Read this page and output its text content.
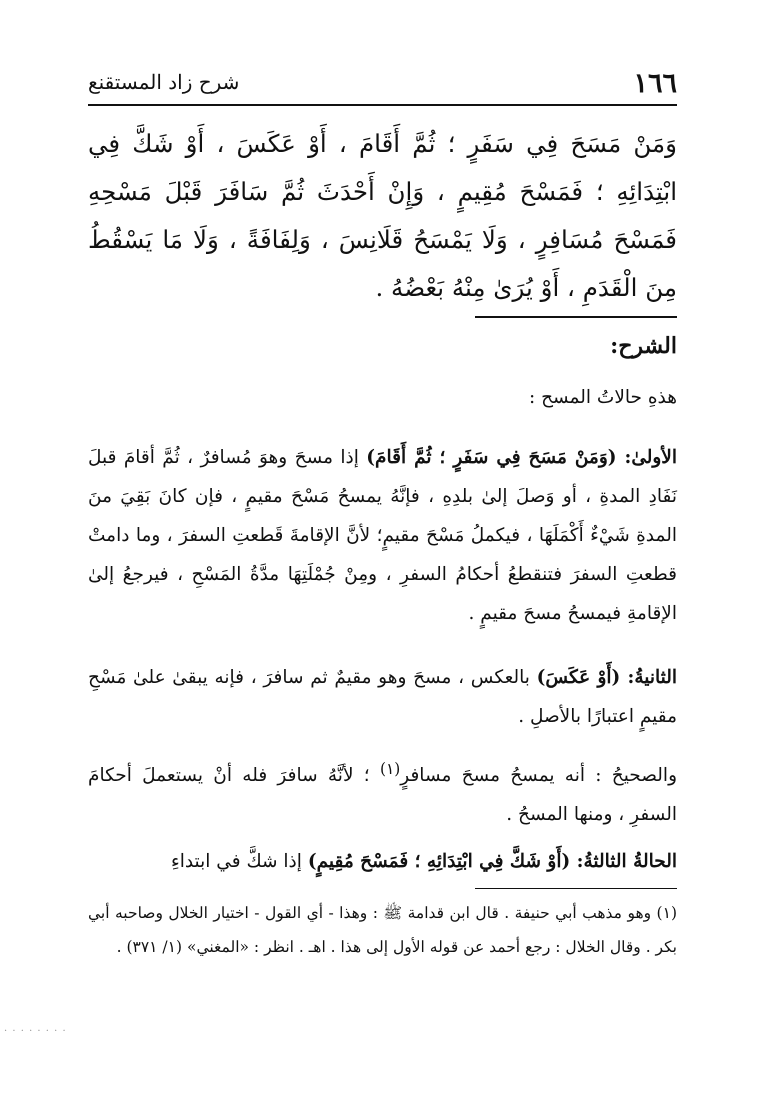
١٦٦
شرح زاد المستقنع
وَمَنْ مَسَحَ فِي سَفَرٍ ؛ ثُمَّ أَقَامَ ، أَوْ عَكَسَ ، أَوْ شَكَّ فِي ابْتِدَائِهِ ؛ فَمَسْحَ مُقِيمٍ ، وَإِنْ أَحْدَثَ ثُمَّ سَافَرَ قَبْلَ مَسْحِهِ فَمَسْحَ مُسَافِرٍ ، وَلَا يَمْسَحُ قَلَانِسَ ، وَلِفَافَةً ، وَلَا مَا يَسْقُطُ مِنَ الْقَدَمِ ، أَوْ يُرَىٰ مِنْهُ بَعْضُهُ .
الشرح:
هذهِ حالاتُ المسح :
الأولىٰ: (وَمَنْ مَسَحَ فِي سَفَرٍ ؛ ثُمَّ أَقَامَ) إذا مسحَ وهوَ مُسافرٌ ، ثُمَّ أقامَ قبلَ نَفَادِ المدةِ ، أو وَصلَ إلىٰ بلدِهِ ، فإنَّهُ يمسحُ مَسْحَ مقيمٍ ، فإن كانَ بَقِيَ منَ المدةِ شَيْءٌ أَكْمَلَهَا ، فيكملُ مَسْحَ مقيمٍ؛ لأنَّ الإقامةَ قَطعتِ السفرَ ، وما دامتْ قطعتِ السفرَ فتنقطعُ أحكامُ السفرِ ، ومِنْ جُمْلَتِهَا مدَّةُ المَسْحِ ، فيرجعُ إلىٰ الإقامةِ فيمسحُ مسحَ مقيمٍ .
الثانيةُ: (أَوْ عَكَسَ) بالعكس ، مسحَ وهو مقيمٌ ثم سافرَ ، فإنه يبقىٰ علىٰ مَسْحِ مقيمٍ اعتبارًا بالأصلِ .
والصحيحُ : أنه يمسحُ مسحَ مسافرٍ$^{(١)}$ ؛ لأنَّهُ سافرَ فله أنْ يستعملَ أحكامَ السفرِ ، ومنها المسحُ .
الحالةُ الثالثةُ: (أَوْ شَكَّ فِي ابْتِدَائِهِ ؛ فَمَسْحَ مُقِيمٍ) إذا شكَّ في ابتداءِ
(١) وهو مذهب أبي حنيفة . قال ابن قدامة ﷺ : وهذا - أي القول - اختيار الخلال وصاحبه أبي بكر . وقال الخلال : رجع أحمد عن قوله الأول إلى هذا . اهـ . انظر : «المغني» (١/ ٣٧١) .
· · · · · · · ·
